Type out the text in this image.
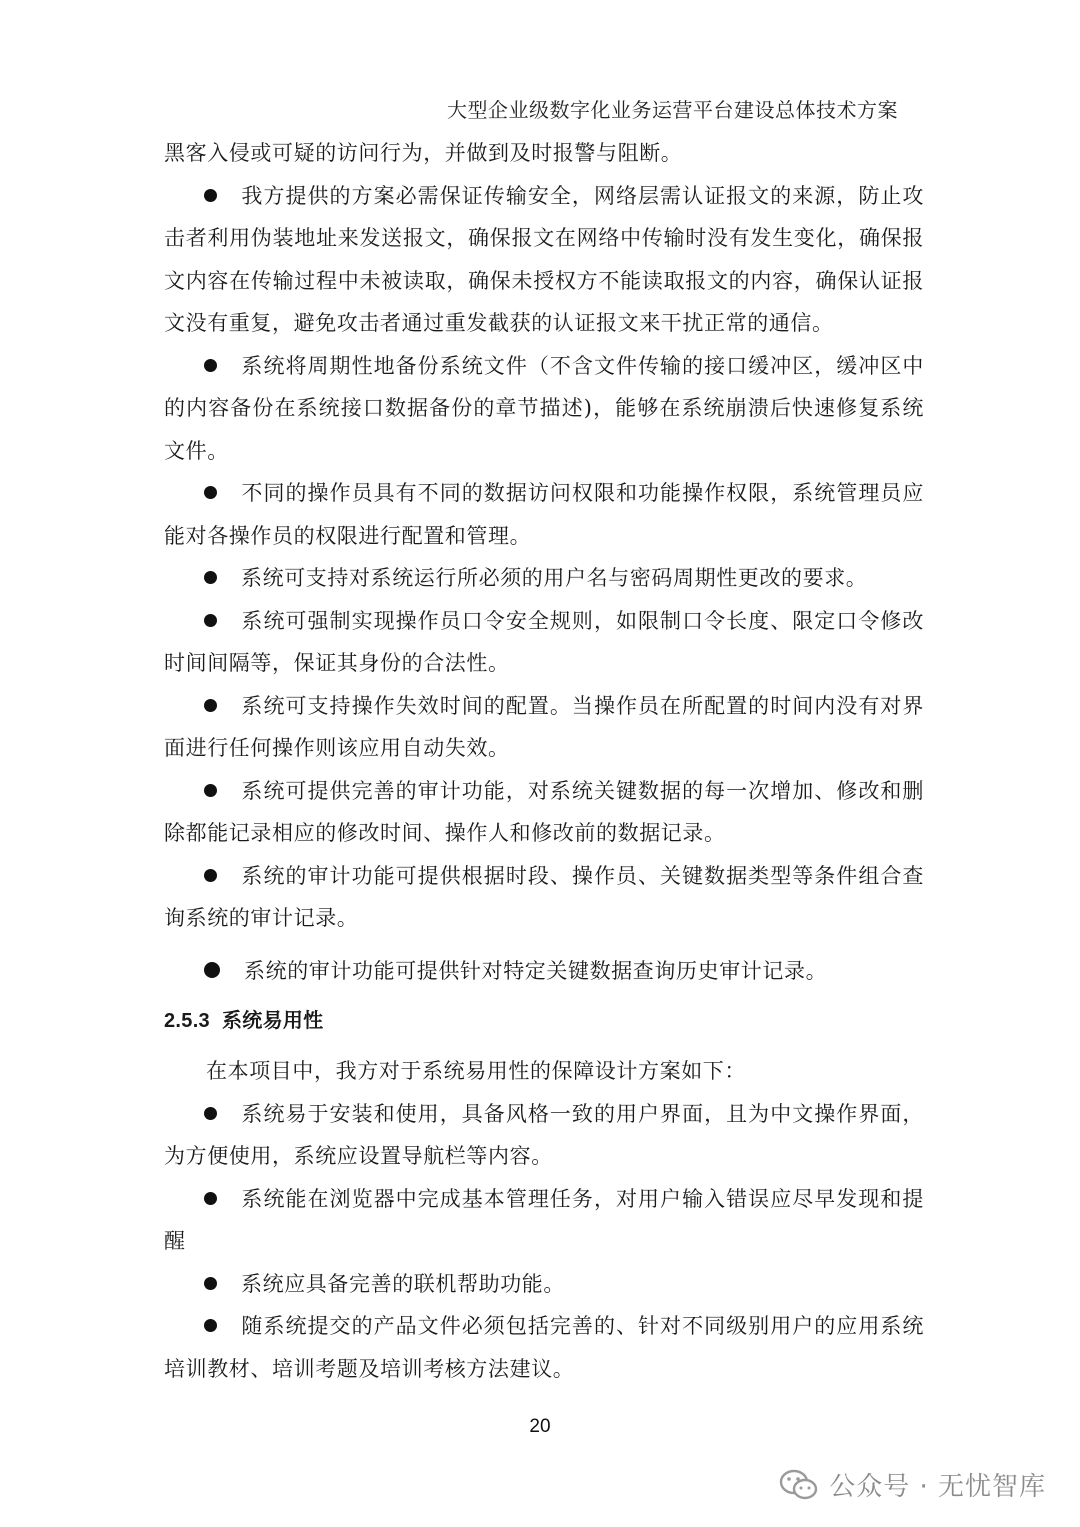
大型企业级数字化业务运营平台建设总体技术方案

黑客入侵或可疑的访问行为，并做到及时报警与阻断。

我方提供的方案必需保证传输安全，网络层需认证报文的来源，防止攻击者利用伪装地址来发送报文，确保报文在网络中传输时没有发生变化，确保报文内容在传输过程中未被读取，确保未授权方不能读取报文的内容，确保认证报文没有重复，避免攻击者通过重发截获的认证报文来干扰正常的通信。

系统将周期性地备份系统文件（不含文件传输的接口缓冲区，缓冲区中的内容备份在系统接口数据备份的章节描述)，能够在系统崩溃后快速修复系统文件。

不同的操作员具有不同的数据访问权限和功能操作权限，系统管理员应能对各操作员的权限进行配置和管理。

系统可支持对系统运行所必须的用户名与密码周期性更改的要求。

系统可强制实现操作员口令安全规则，如限制口令长度、限定口令修改时间间隔等，保证其身份的合法性。

系统可支持操作失效时间的配置。当操作员在所配置的时间内没有对界面进行任何操作则该应用自动失效。

系统可提供完善的审计功能，对系统关键数据的每一次增加、修改和删除都能记录相应的修改时间、操作人和修改前的数据记录。

系统的审计功能可提供根据时段、操作员、关键数据类型等条件组合查询系统的审计记录。

系统的审计功能可提供针对特定关键数据查询历史审计记录。

2.5.3 系统易用性

在本项目中，我方对于系统易用性的保障设计方案如下：

系统易于安装和使用，具备风格一致的用户界面，且为中文操作界面，为方便使用，系统应设置导航栏等内容。

系统能在浏览器中完成基本管理任务，对用户输入错误应尽早发现和提醒

系统应具备完善的联机帮助功能。

随系统提交的产品文件必须包括完善的、针对不同级别用户的应用系统培训教材、培训考题及培训考核方法建议。

20
公众号 · 无忧智库
